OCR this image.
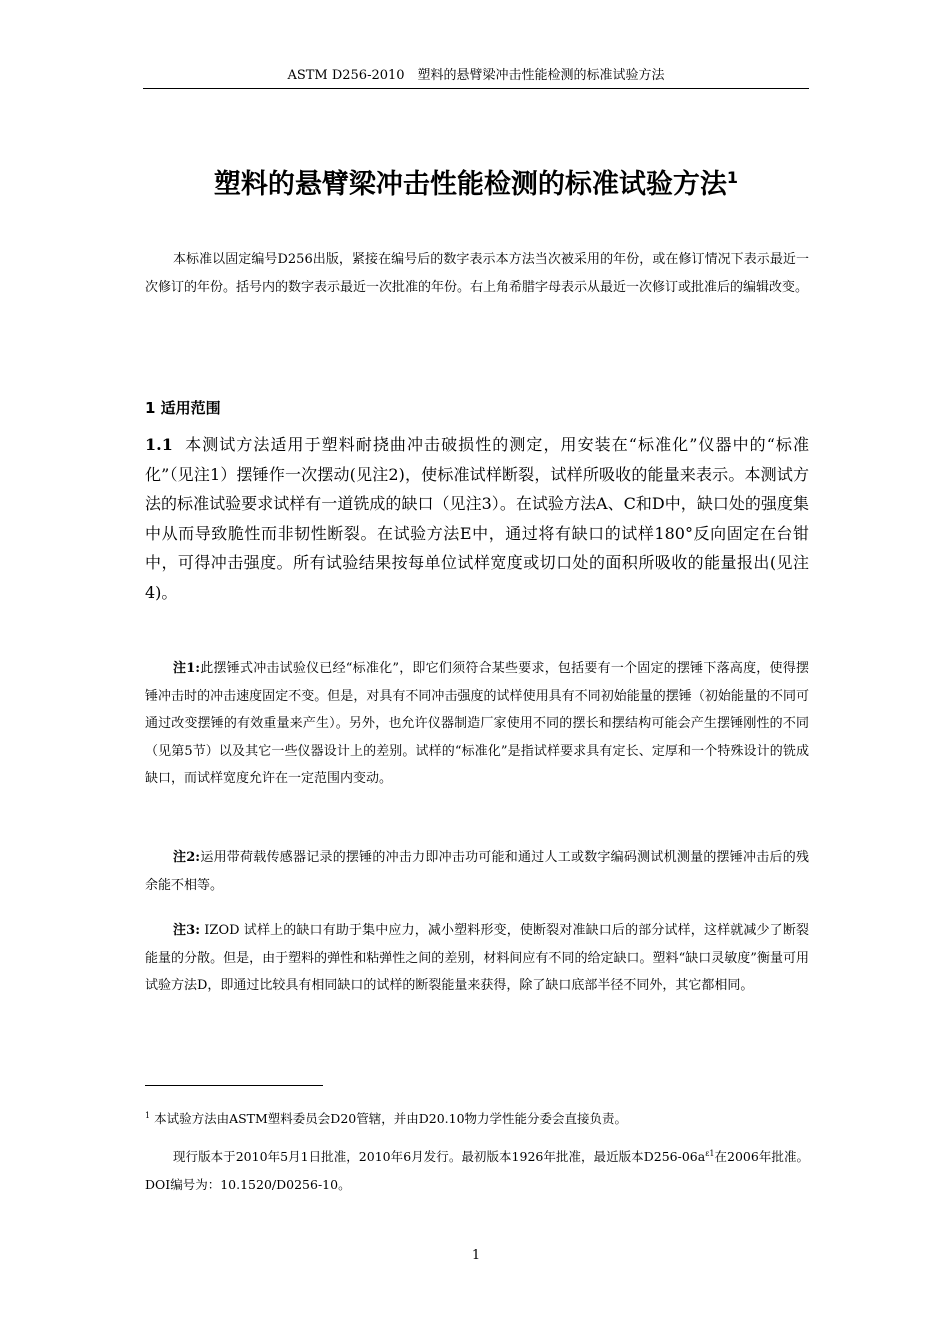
ASTM D256-2010　塑料的悬臂梁冲击性能检测的标准试验方法
塑料的悬臂梁冲击性能检测的标准试验方法$^1$
本标准以固定编号D256出版，紧接在编号后的数字表示本方法当次被采用的年份，或在修订情况下表示最近一次修订的年份。括号内的数字表示最近一次批准的年份。右上角希腊字母表示从最近一次修订或批准后的编辑改变。
1 适用范围
1.1 本测试方法适用于塑料耐挠曲冲击破损性的测定，用安装在“标准化”仪器中的“标准化”（见注1）摆锤作一次摆动(见注2)，使标准试样断裂，试样所吸收的能量来表示。本测试方法的标准试验要求试样有一道铣成的缺口（见注3）。在试验方法A、C和D中，缺口处的强度集中从而导致脆性而非韧性断裂。在试验方法E中，通过将有缺口的试样180°反向固定在台钳中，可得冲击强度。所有试验结果按每单位试样宽度或切口处的面积所吸收的能量报出(见注4)。
注1:此摆锤式冲击试验仪已经“标准化”，即它们须符合某些要求，包括要有一个固定的摆锤下落高度，使得摆锤冲击时的冲击速度固定不变。但是，对具有不同冲击强度的试样使用具有不同初始能量的摆锤（初始能量的不同可通过改变摆锤的有效重量来产生）。另外，也允许仪器制造厂家使用不同的摆长和摆结构可能会产生摆锤刚性的不同（见第5节）以及其它一些仪器设计上的差别。试样的“标准化”是指试样要求具有定长、定厚和一个特殊设计的铣成缺口，而试样宽度允许在一定范围内变动。
注2:运用带荷载传感器记录的摆锤的冲击力即冲击功可能和通过人工或数字编码测试机测量的摆锤冲击后的残余能不相等。
注3: IZOD 试样上的缺口有助于集中应力，减小塑料形变，使断裂对准缺口后的部分试样，这样就减少了断裂能量的分散。但是，由于塑料的弹性和粘弹性之间的差别，材料间应有不同的给定缺口。塑料“缺口灵敏度”衡量可用试验方法D，即通过比较具有相同缺口的试样的断裂能量来获得，除了缺口底部半径不同外，其它都相同。
$^1$ 本试验方法由ASTM塑料委员会D20管辖，并由D20.10物力学性能分委会直接负责。
现行版本于2010年5月1日批准，2010年6月发行。最初版本1926年批准，最近版本$D256-06a^{\varepsilon 1}$在2006年批准。DOI编号为：10.1520/D0256-10。
1
